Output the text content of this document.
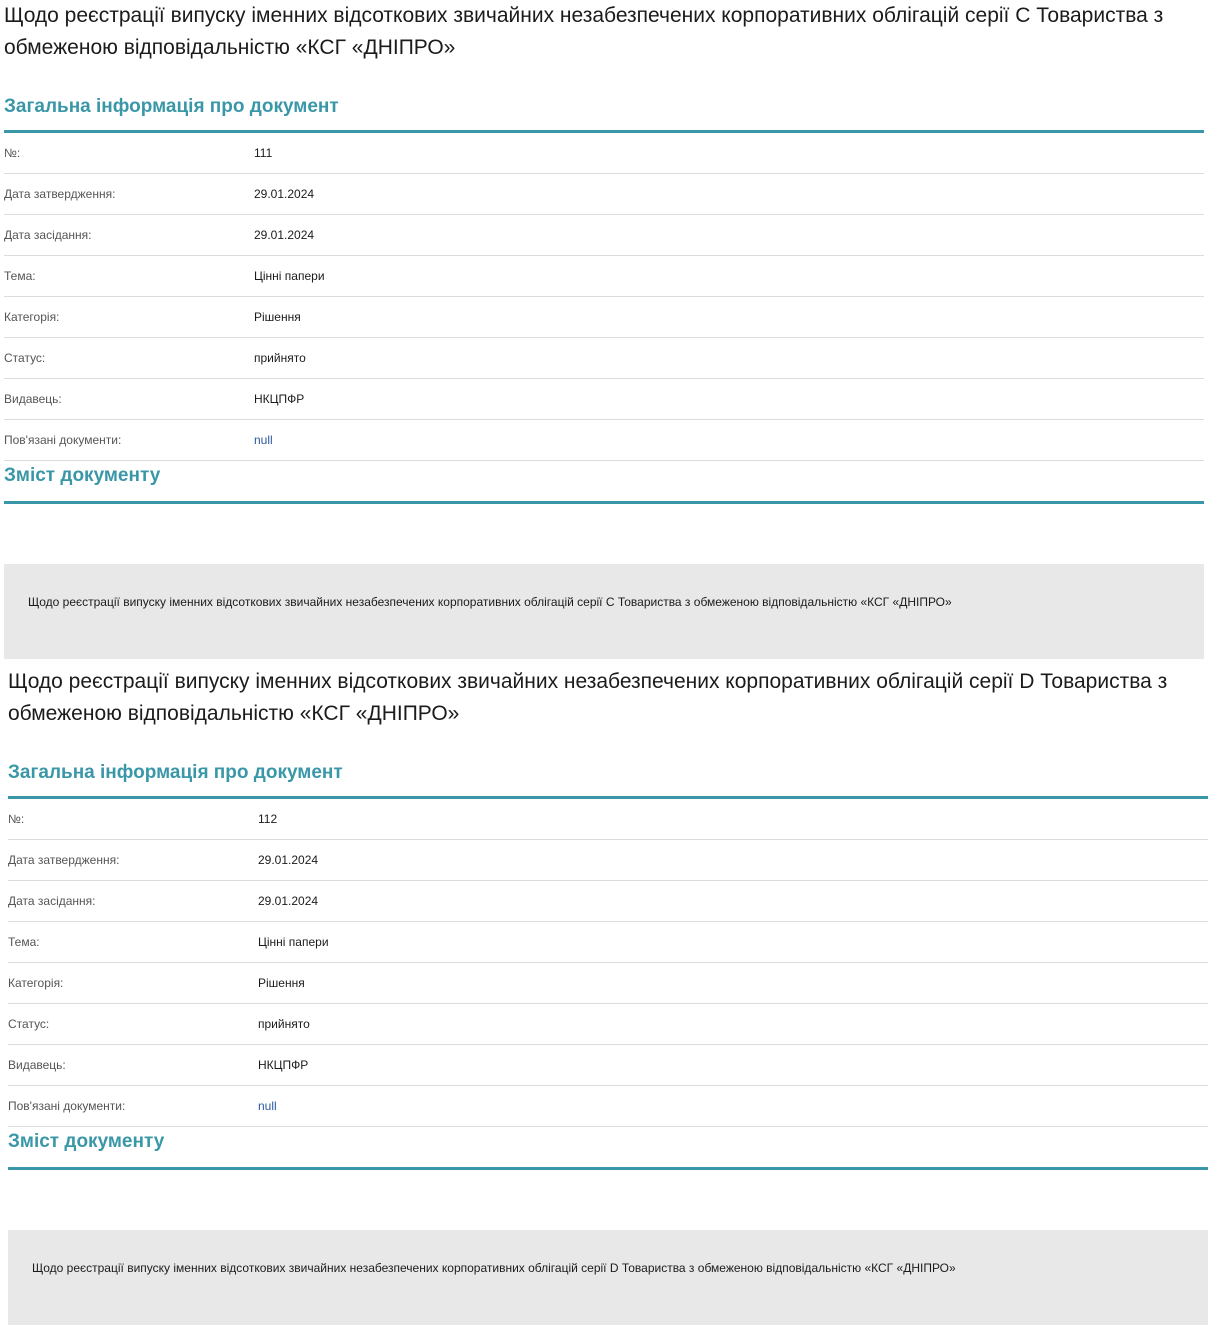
Щодо реєстрації випуску іменних відсоткових звичайних незабезпечених корпоративних облігацій серії C Товариства з обмеженою відповідальністю «КСГ «ДНІПРО»
Загальна інформація про документ
№:	111
Дата затвердження:	29.01.2024
Дата засідання:	29.01.2024
Тема:	Цінні папери
Категорія:	Рішення
Статус:	прийнято
Видавець:	НКЦПФР
Пов'язані документи:	null
Зміст документу
Щодо реєстрації випуску іменних відсоткових звичайних незабезпечених корпоративних облігацій серії C Товариства з обмеженою відповідальністю «КСГ «ДНІПРО»
Щодо реєстрації випуску іменних відсоткових звичайних незабезпечених корпоративних облігацій серії D Товариства з обмеженою відповідальністю «КСГ «ДНІПРО»
Загальна інформація про документ
№:	112
Дата затвердження:	29.01.2024
Дата засідання:	29.01.2024
Тема:	Цінні папери
Категорія:	Рішення
Статус:	прийнято
Видавець:	НКЦПФР
Пов'язані документи:	null
Зміст документу
Щодо реєстрації випуску іменних відсоткових звичайних незабезпечених корпоративних облігацій серії D Товариства з обмеженою відповідальністю «КСГ «ДНІПРО»
